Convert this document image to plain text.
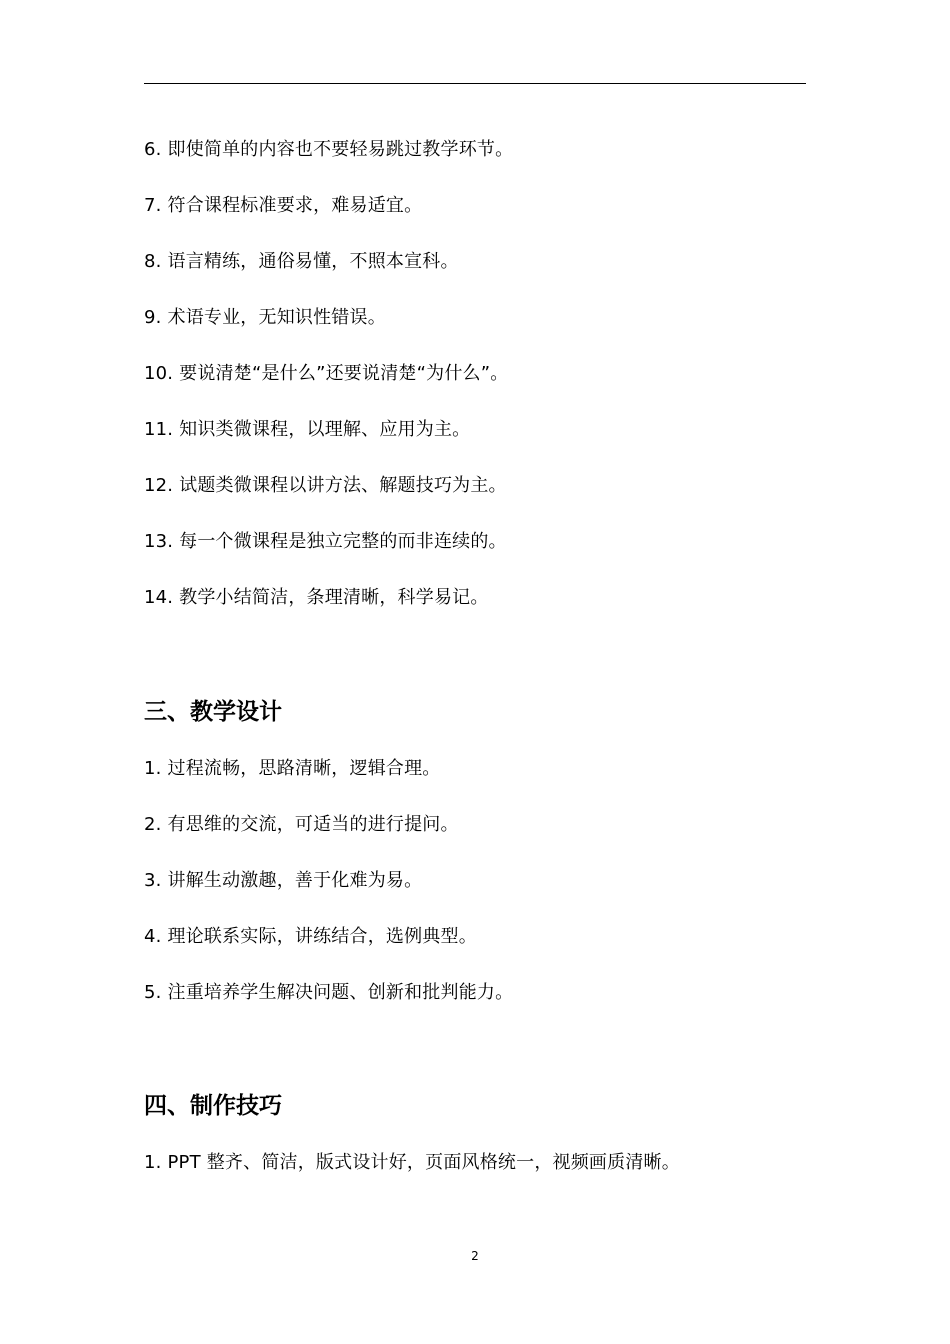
6. 即使简单的内容也不要轻易跳过教学环节。
7. 符合课程标准要求，难易适宜。
8. 语言精练，通俗易懂，不照本宣科。
9. 术语专业，无知识性错误。
10. 要说清楚“是什么”还要说清楚“为什么”。
11. 知识类微课程，以理解、应用为主。
12. 试题类微课程以讲方法、解题技巧为主。
13. 每一个微课程是独立完整的而非连续的。
14. 教学小结简洁，条理清晰，科学易记。
三、教学设计
1. 过程流畅，思路清晰，逻辑合理。
2. 有思维的交流，可适当的进行提问。
3. 讲解生动激趣，善于化难为易。
4. 理论联系实际，讲练结合，选例典型。
5. 注重培养学生解决问题、创新和批判能力。
四、制作技巧
1. PPT 整齐、简洁，版式设计好，页面风格统一，视频画质清晰。
2
